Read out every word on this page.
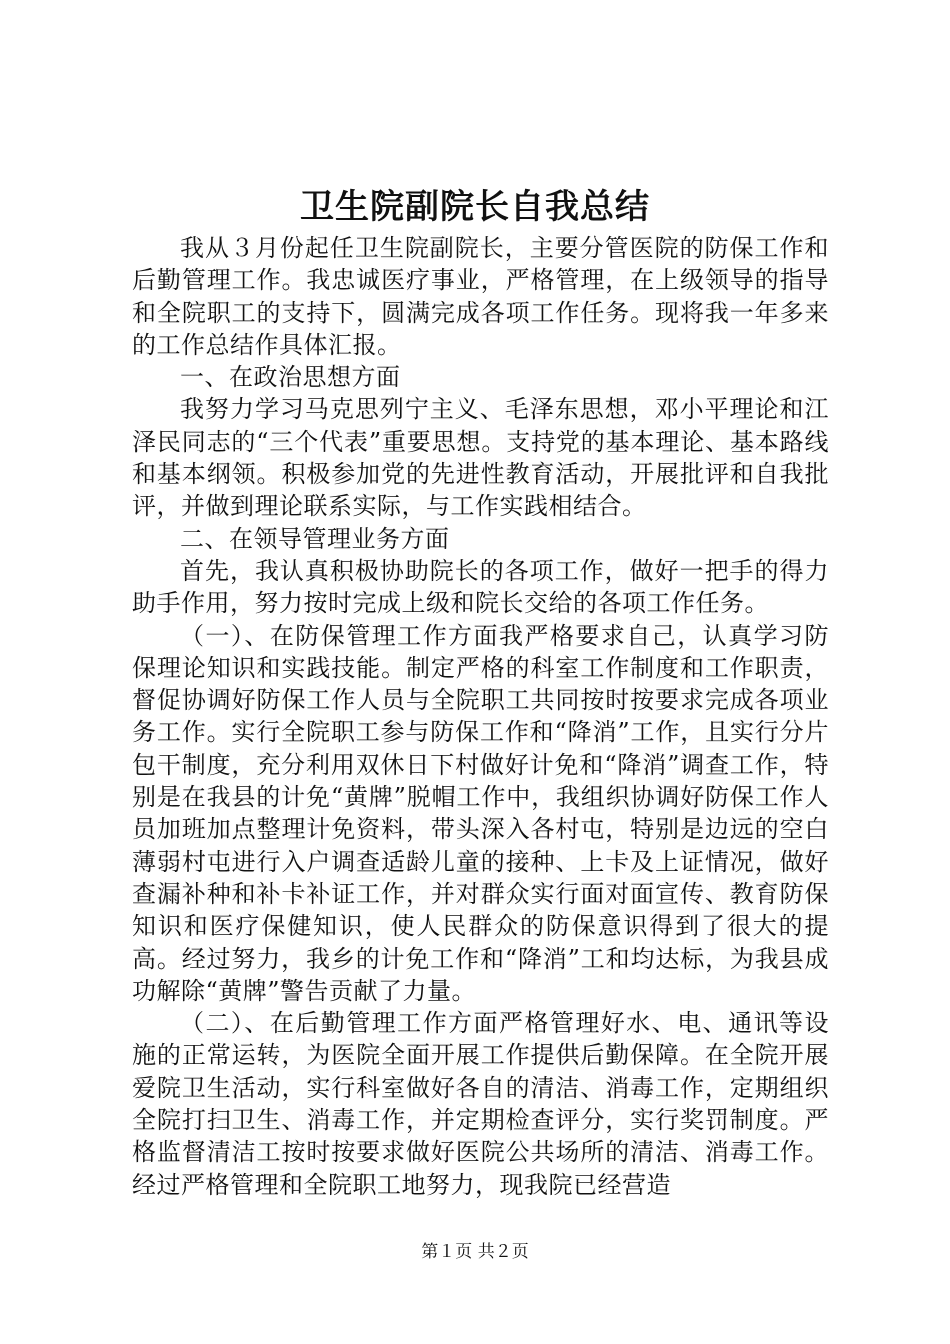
卫生院副院长自我总结

我从３月份起任卫生院副院长，主要分管医院的防保工作和后勤管理工作。我忠诚医疗事业，严格管理，在上级领导的指导和全院职工的支持下，圆满完成各项工作任务。现将我一年多来的工作总结作具体汇报。

一、在政治思想方面

我努力学习马克思列宁主义、毛泽东思想，邓小平理论和江泽民同志的“三个代表”重要思想。支持党的基本理论、基本路线和基本纲领。积极参加党的先进性教育活动，开展批评和自我批评，并做到理论联系实际，与工作实践相结合。

二、在领导管理业务方面

首先，我认真积极协助院长的各项工作，做好一把手的得力助手作用，努力按时完成上级和院长交给的各项工作任务。

（一）、在防保管理工作方面我严格要求自己，认真学习防保理论知识和实践技能。制定严格的科室工作制度和工作职责，督促协调好防保工作人员与全院职工共同按时按要求完成各项业务工作。实行全院职工参与防保工作和“降消”工作，且实行分片包干制度，充分利用双休日下村做好计免和“降消”调查工作，特别是在我县的计免“黄牌”脱帽工作中，我组织协调好防保工作人员加班加点整理计免资料，带头深入各村屯，特别是边远的空白薄弱村屯进行入户调查适龄儿童的接种、上卡及上证情况，做好查漏补种和补卡补证工作，并对群众实行面对面宣传、教育防保知识和医疗保健知识，使人民群众的防保意识得到了很大的提高。经过努力，我乡的计免工作和“降消”工和均达标，为我县成功解除“黄牌”警告贡献了力量。

（二）、在后勤管理工作方面严格管理好水、电、通讯等设施的正常运转，为医院全面开展工作提供后勤保障。在全院开展爱院卫生活动，实行科室做好各自的清洁、消毒工作，定期组织全院打扫卫生、消毒工作，并定期检查评分，实行奖罚制度。严格监督清洁工按时按要求做好医院公共场所的清洁、消毒工作。经过严格管理和全院职工地努力，现我院已经营造

第１页 共２页
